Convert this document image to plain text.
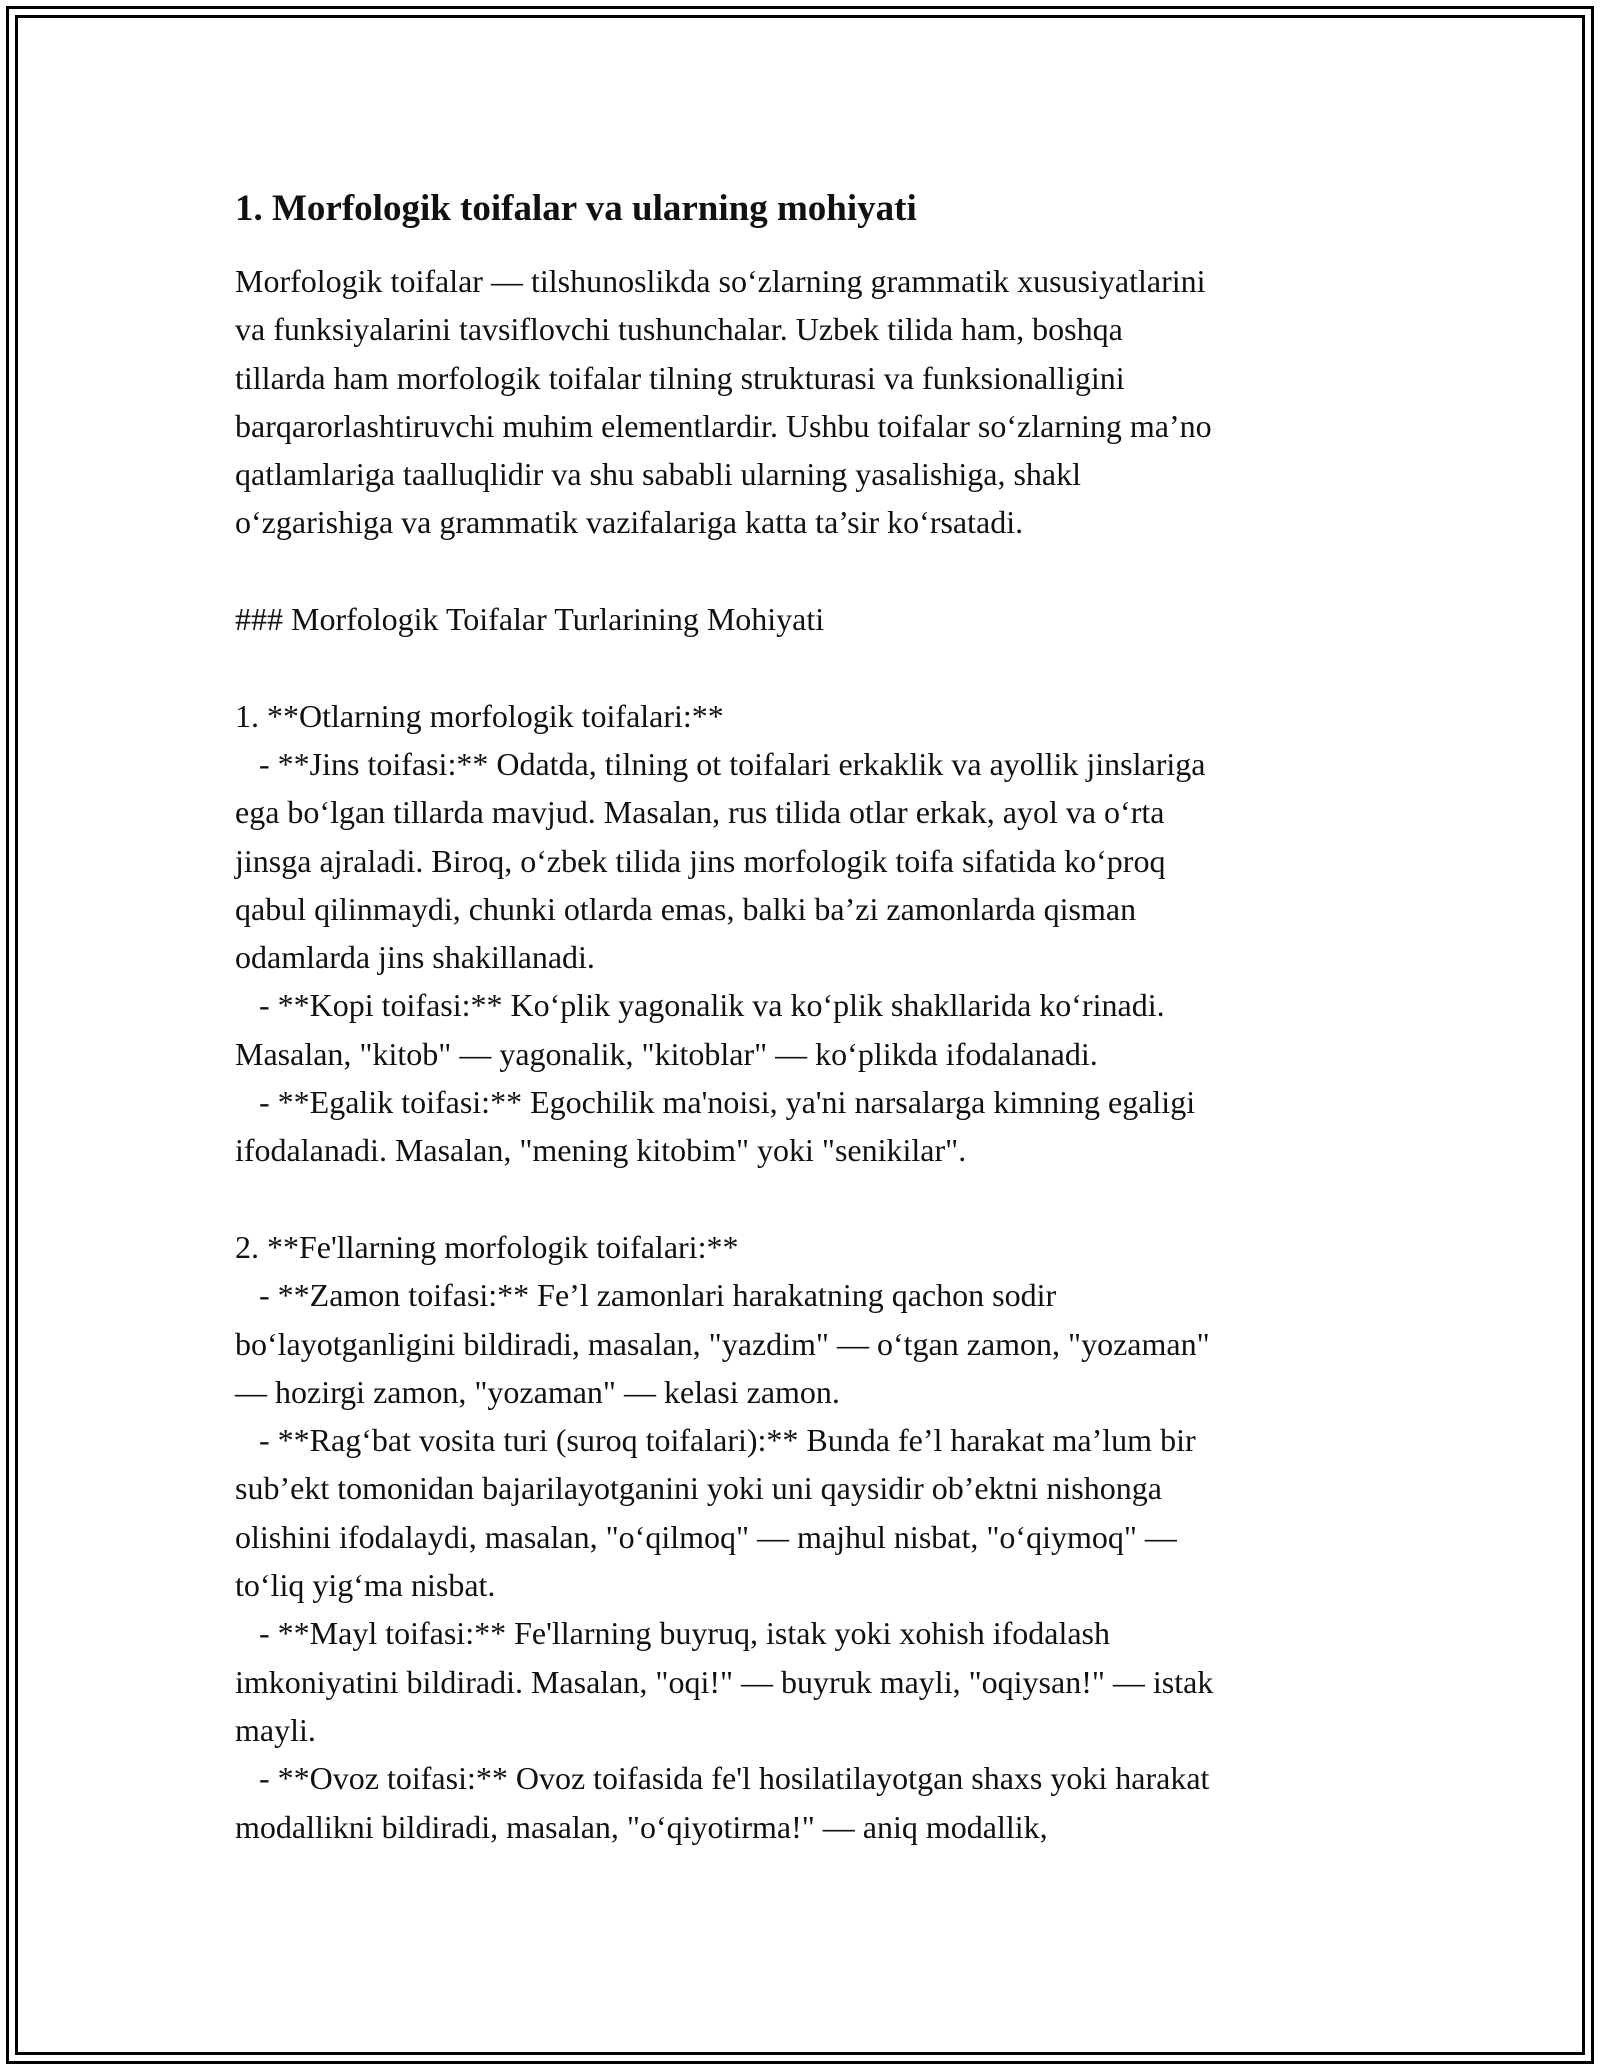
1. Morfologik toifalar va ularning mohiyati
Morfologik toifalar — tilshunoslikda so‘zlarning grammatik xususiyatlarini
va funksiyalarini tavsiflovchi tushunchalar. Uzbek tilida ham, boshqa
tillarda ham morfologik toifalar tilning strukturasi va funksionalligini
barqarorlashtiruvchi muhim elementlardir. Ushbu toifalar so‘zlarning ma’no
qatlamlariga taalluqlidir va shu sababli ularning yasalishiga, shakl
o‘zgarishiga va grammatik vazifalariga katta ta’sir ko‘rsatadi.
### Morfologik Toifalar Turlarining Mohiyati
1. **Otlarning morfologik toifalari:**
- **Jins toifasi:** Odatda, tilning ot toifalari erkaklik va ayollik jinslariga
ega bo‘lgan tillarda mavjud. Masalan, rus tilida otlar erkak, ayol va o‘rta
jinsga ajraladi. Biroq, o‘zbek tilida jins morfologik toifa sifatida ko‘proq
qabul qilinmaydi, chunki otlarda emas, balki ba’zi zamonlarda qisman
odamlarda jins shakillanadi.
- **Kopi toifasi:** Ko‘plik yagonalik va ko‘plik shakllarida ko‘rinadi.
Masalan, "kitob" — yagonalik, "kitoblar" — ko‘plikda ifodalanadi.
- **Egalik toifasi:** Egochilik ma'noisi, ya'ni narsalarga kimning egaligi
ifodalanadi. Masalan, "mening kitobim" yoki "senikilar".
2. **Fe'llarning morfologik toifalari:**
- **Zamon toifasi:** Fe’l zamonlari harakatning qachon sodir
bo‘layotganligini bildiradi, masalan, "yazdim" — o‘tgan zamon, "yozaman"
— hozirgi zamon, "yozaman" — kelasi zamon.
- **Rag‘bat vosita turi (suroq toifalari):** Bunda fe’l harakat ma’lum bir
sub’ekt tomonidan bajarilayotganini yoki uni qaysidir ob’ektni nishonga
olishini ifodalaydi, masalan, "o‘qilmoq" — majhul nisbat, "o‘qiymoq" —
to‘liq yig‘ma nisbat.
- **Mayl toifasi:** Fe'llarning buyruq, istak yoki xohish ifodalash
imkoniyatini bildiradi. Masalan, "oqi!" — buyruk mayli, "oqiysan!" — istak
mayli.
- **Ovoz toifasi:** Ovoz toifasida fe'l hosilatilayotgan shaxs yoki harakat
modallikni bildiradi, masalan, "o‘qiyotirma!" — aniq modallik,
